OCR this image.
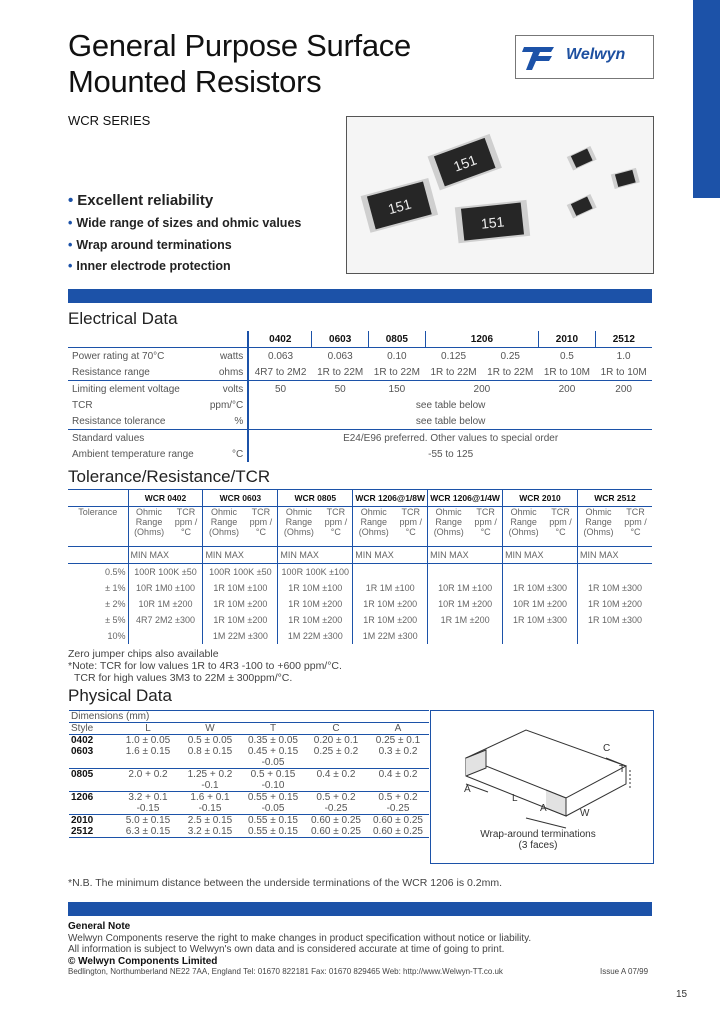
General Purpose Surface
Mounted Resistors
WCR SERIES
Welwyn
151
151
151
• Excellent reliability
• Wide range of sizes and ohmic values
• Wrap around terminations
• Inner electrode protection
Electrical Data
		0402	0603	0805	1206		2010	2512
Power rating at 70°C	watts	0.063	0.063	0.10	0.125	0.25	0.5	1.0
Resistance range	ohms	4R7 to 2M2	1R to 22M	1R to 22M	1R to 22M	1R to 22M	1R to 10M	1R to 10M
Limiting element voltage	volts	50	50	150	200		200	200
TCR	ppm/°C	see table below						
Resistance tolerance	%	see table below						
Standard values		E24/E96 preferred. Other values to special order						
Ambient temperature range	°C	-55 to 125						
Tolerance/Resistance/TCR
	WCR 0402		WCR 0603		WCR 0805		WCR 1206@1/8W		WCR 1206@1/4W		WCR 2010		WCR 2512	
Tolerance	Ohmic Range (Ohms)	TCR ppm /°C	Ohmic Range (Ohms)	TCR ppm /°C	Ohmic Range (Ohms)	TCR ppm /°C	Ohmic Range (Ohms)	TCR ppm /°C	Ohmic Range (Ohms)	TCR ppm /°C	Ohmic Range (Ohms)	TCR ppm /°C	Ohmic Range (Ohms)	TCR ppm /°C
	MIN MAX		MIN MAX		MIN MAX		MIN MAX		MIN MAX		MIN MAX		MIN MAX	
0.5%	100R 100K ±50		100R 100K ±50		100R 100K ±100									
± 1%	10R 1M0 ±100		1R 10M ±100		1R 10M ±100		1R 1M ±100		10R 1M ±100		1R 10M ±300		1R 10M ±300	
± 2%	10R 1M ±200		1R 10M ±200		1R 10M ±200		1R 10M ±200		10R 1M ±200		10R 1M ±200		1R 10M ±200	
± 5%	4R7 2M2 ±300		1R 10M ±200		1R 10M ±200		1R 10M ±200		1R 1M ±200		1R 10M ±300		1R 10M ±300	
10%			1M 22M ±300		1M 22M ±300		1M 22M ±300							
Zero jumper chips also available
*Note: TCR for low values 1R to 4R3 -100 to +600 ppm/°C.
TCR for high values 3M3 to 22M ± 300ppm/°C.
Physical Data
Dimensions (mm)					
Style	L	W	T	C	A
0402	1.0 ± 0.05	0.5 ± 0.05	0.35 ± 0.05	0.20 ± 0.1	0.25 ± 0.1
0603	1.6 ± 0.15	0.8 ± 0.15	0.45 + 0.15 -0.05	0.25 ± 0.2	0.3 ± 0.2
0805	2.0 + 0.2	1.25 + 0.2 -0.1	0.5 + 0.15 -0.10	0.4 ± 0.2	0.4 ± 0.2
1206	3.2 + 0.1 -0.15	1.6 + 0.1 -0.15	0.55 + 0.15 -0.05	0.5 + 0.2 -0.25	0.5 + 0.2 -0.25
2010	5.0 ± 0.15	2.5 ± 0.15	0.55 ± 0.15	0.60 ± 0.25	0.60 ± 0.25
2512	6.3 ± 0.15	3.2 ± 0.15	0.55 ± 0.15	0.60 ± 0.25	0.60 ± 0.25
C
T
A
A
L
W
Wrap-around terminations
(3 faces)
*N.B. The minimum distance between the underside terminations of the WCR 1206 is 0.2mm.
General Note
Welwyn Components reserve the right to make changes in product specification without notice or liability.
All information is subject to Welwyn's own data and is considered accurate at time of going to print.
© Welwyn Components Limited
Bedlington, Northumberland NE22 7AA, England Tel: 01670 822181 Fax: 01670 829465 Web: http://www.Welwyn-TT.co.uk	Issue A 07/99
15
